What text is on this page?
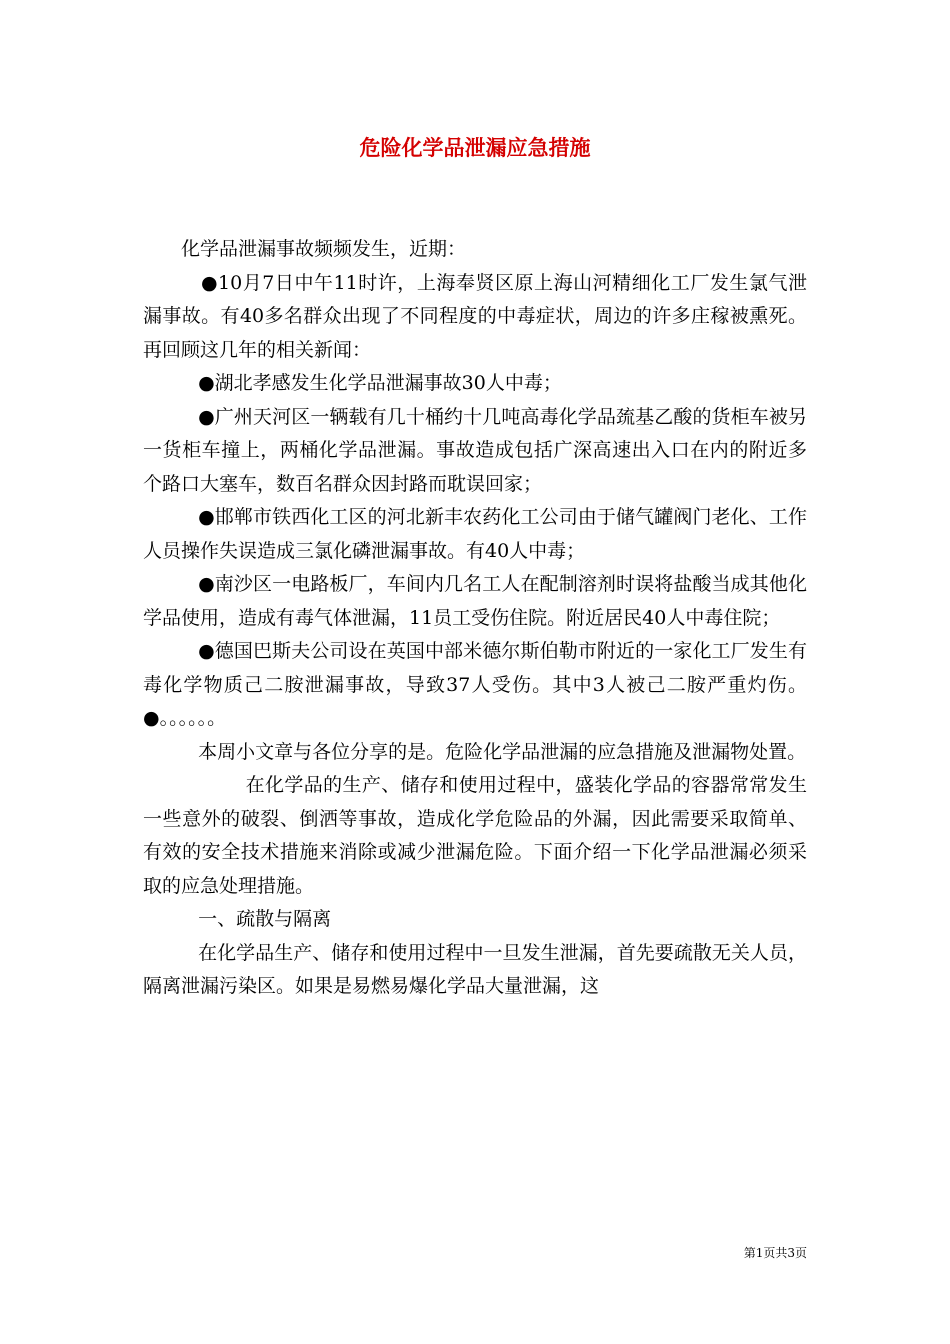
危险化学品泄漏应急措施

化学品泄漏事故频频发生，近期：

●10月7日中午11时许，上海奉贤区原上海山河精细化工厂发生氯气泄漏事故。有40多名群众出现了不同程度的中毒症状，周边的许多庄稼被熏死。再回顾这几年的相关新闻：

●湖北孝感发生化学品泄漏事故30人中毒；

●广州天河区一辆载有几十桶约十几吨高毒化学品巯基乙酸的货柜车被另一货柜车撞上，两桶化学品泄漏。事故造成包括广深高速出入口在内的附近多个路口大塞车，数百名群众因封路而耽误回家；

●邯郸市铁西化工区的河北新丰农药化工公司由于储气罐阀门老化、工作人员操作失误造成三氯化磷泄漏事故。有40人中毒；

●南沙区一电路板厂，车间内几名工人在配制溶剂时误将盐酸当成其他化学品使用，造成有毒气体泄漏，11员工受伤住院。附近居民40人中毒住院；

●德国巴斯夫公司设在英国中部米德尔斯伯勒市附近的一家化工厂发生有毒化学物质己二胺泄漏事故，导致37人受伤。其中3人被己二胺严重灼伤。●。。。。。。

本周小文章与各位分享的是。危险化学品泄漏的应急措施及泄漏物处置。

在化学品的生产、储存和使用过程中，盛装化学品的容器常常发生一些意外的破裂、倒洒等事故，造成化学危险品的外漏，因此需要采取简单、有效的安全技术措施来消除或减少泄漏危险。下面介绍一下化学品泄漏必须采取的应急处理措施。

一、疏散与隔离

在化学品生产、储存和使用过程中一旦发生泄漏，首先要疏散无关人员，隔离泄漏污染区。如果是易燃易爆化学品大量泄漏，这

第1页共3页
